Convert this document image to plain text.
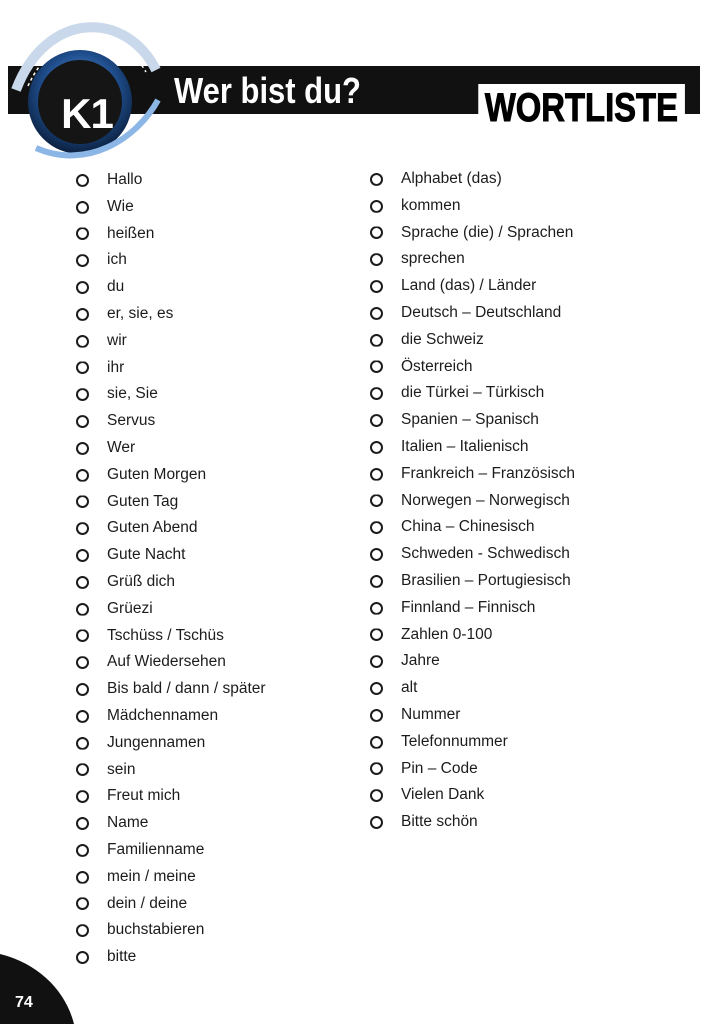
K1	Wer bist du?	WORTLISTE
Hallo
Wie
heißen
ich
du
er, sie, es
wir
ihr
sie, Sie
Servus
Wer
Guten Morgen
Guten Tag
Guten Abend
Gute Nacht
Grüß dich
Grüezi
Tschüss / Tschüs
Auf Wiedersehen
Bis bald / dann / später
Mädchennamen
Jungennamen
sein
Freut mich
Name
Familienname
mein / meine
dein / deine
buchstabieren
bitte
Alphabet (das)
kommen
Sprache (die) / Sprachen
sprechen
Land (das) / Länder
Deutsch – Deutschland
die Schweiz
Österreich
die Türkei – Türkisch
Spanien – Spanisch
Italien – Italienisch
Frankreich – Französisch
Norwegen – Norwegisch
China – Chinesisch
Schweden - Schwedisch
Brasilien – Portugiesisch
Finnland – Finnisch
Zahlen 0-100
Jahre
alt
Nummer
Telefonnummer
Pin – Code
Vielen Dank
Bitte schön
74
